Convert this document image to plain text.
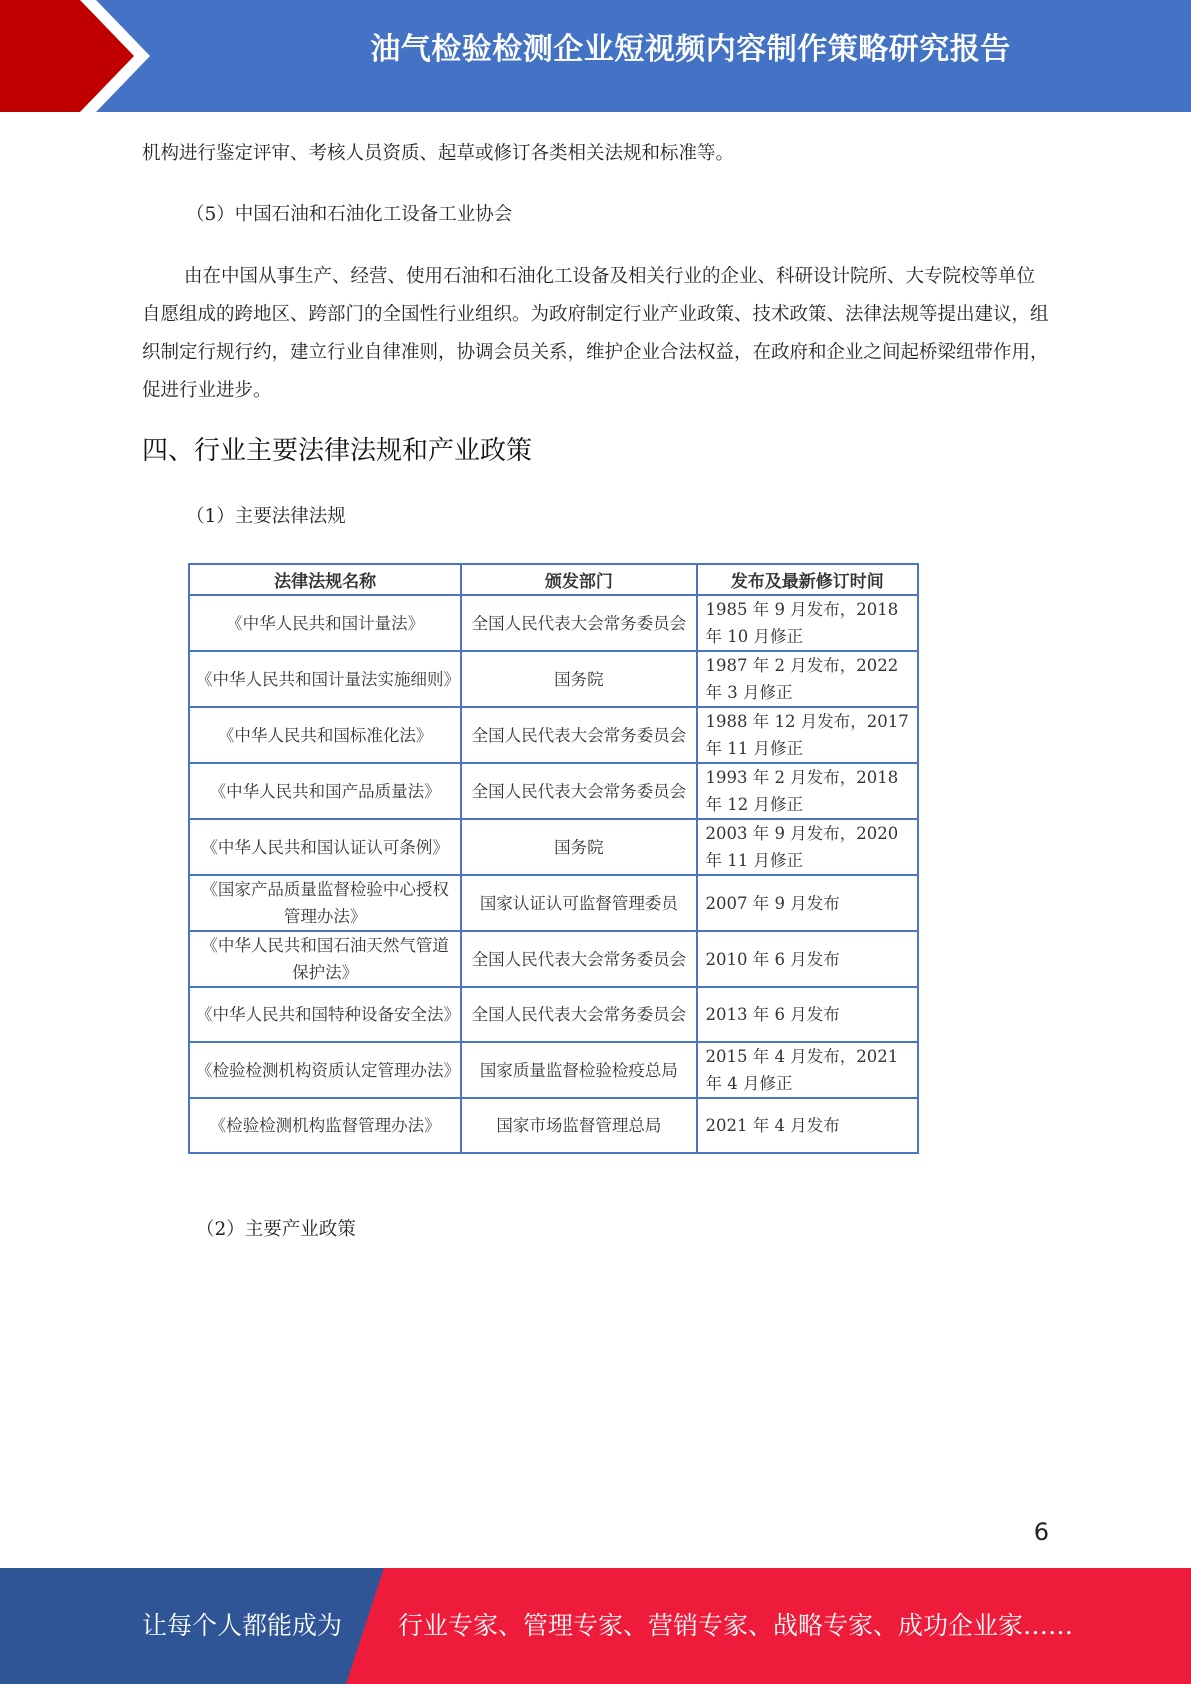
油气检验检测企业短视频内容制作策略研究报告

机构进行鉴定评审、考核人员资质、起草或修订各类相关法规和标准等。

（5）中国石油和石油化工设备工业协会

由在中国从事生产、经营、使用石油和石油化工设备及相关行业的企业、科研设计院所、大专院校等单位自愿组成的跨地区、跨部门的全国性行业组织。为政府制定行业产业政策、技术政策、法律法规等提出建议，组织制定行规行约，建立行业自律准则，协调会员关系，维护企业合法权益，在政府和企业之间起桥梁纽带作用，促进行业进步。

四、行业主要法律法规和产业政策

（1）主要法律法规

法律法规名称	颁发部门	发布及最新修订时间
《中华人民共和国计量法》	全国人民代表大会常务委员会	1985 年 9 月发布，2018 年 10 月修正
《中华人民共和国计量法实施细则》	国务院	1987 年 2 月发布，2022 年 3 月修正
《中华人民共和国标准化法》	全国人民代表大会常务委员会	1988 年 12 月发布，2017 年 11 月修正
《中华人民共和国产品质量法》	全国人民代表大会常务委员会	1993 年 2 月发布，2018 年 12 月修正
《中华人民共和国认证认可条例》	国务院	2003 年 9 月发布，2020 年 11 月修正
《国家产品质量监督检验中心授权管理办法》	国家认证认可监督管理委员	2007 年 9 月发布
《中华人民共和国石油天然气管道保护法》	全国人民代表大会常务委员会	2010 年 6 月发布
《中华人民共和国特种设备安全法》	全国人民代表大会常务委员会	2013 年 6 月发布
《检验检测机构资质认定管理办法》	国家质量监督检验检疫总局	2015 年 4 月发布，2021 年 4 月修正
《检验检测机构监督管理办法》	国家市场监督管理总局	2021 年 4 月发布

（2）主要产业政策

6
让每个人都能成为 行业专家、管理专家、营销专家、战略专家、成功企业家……
